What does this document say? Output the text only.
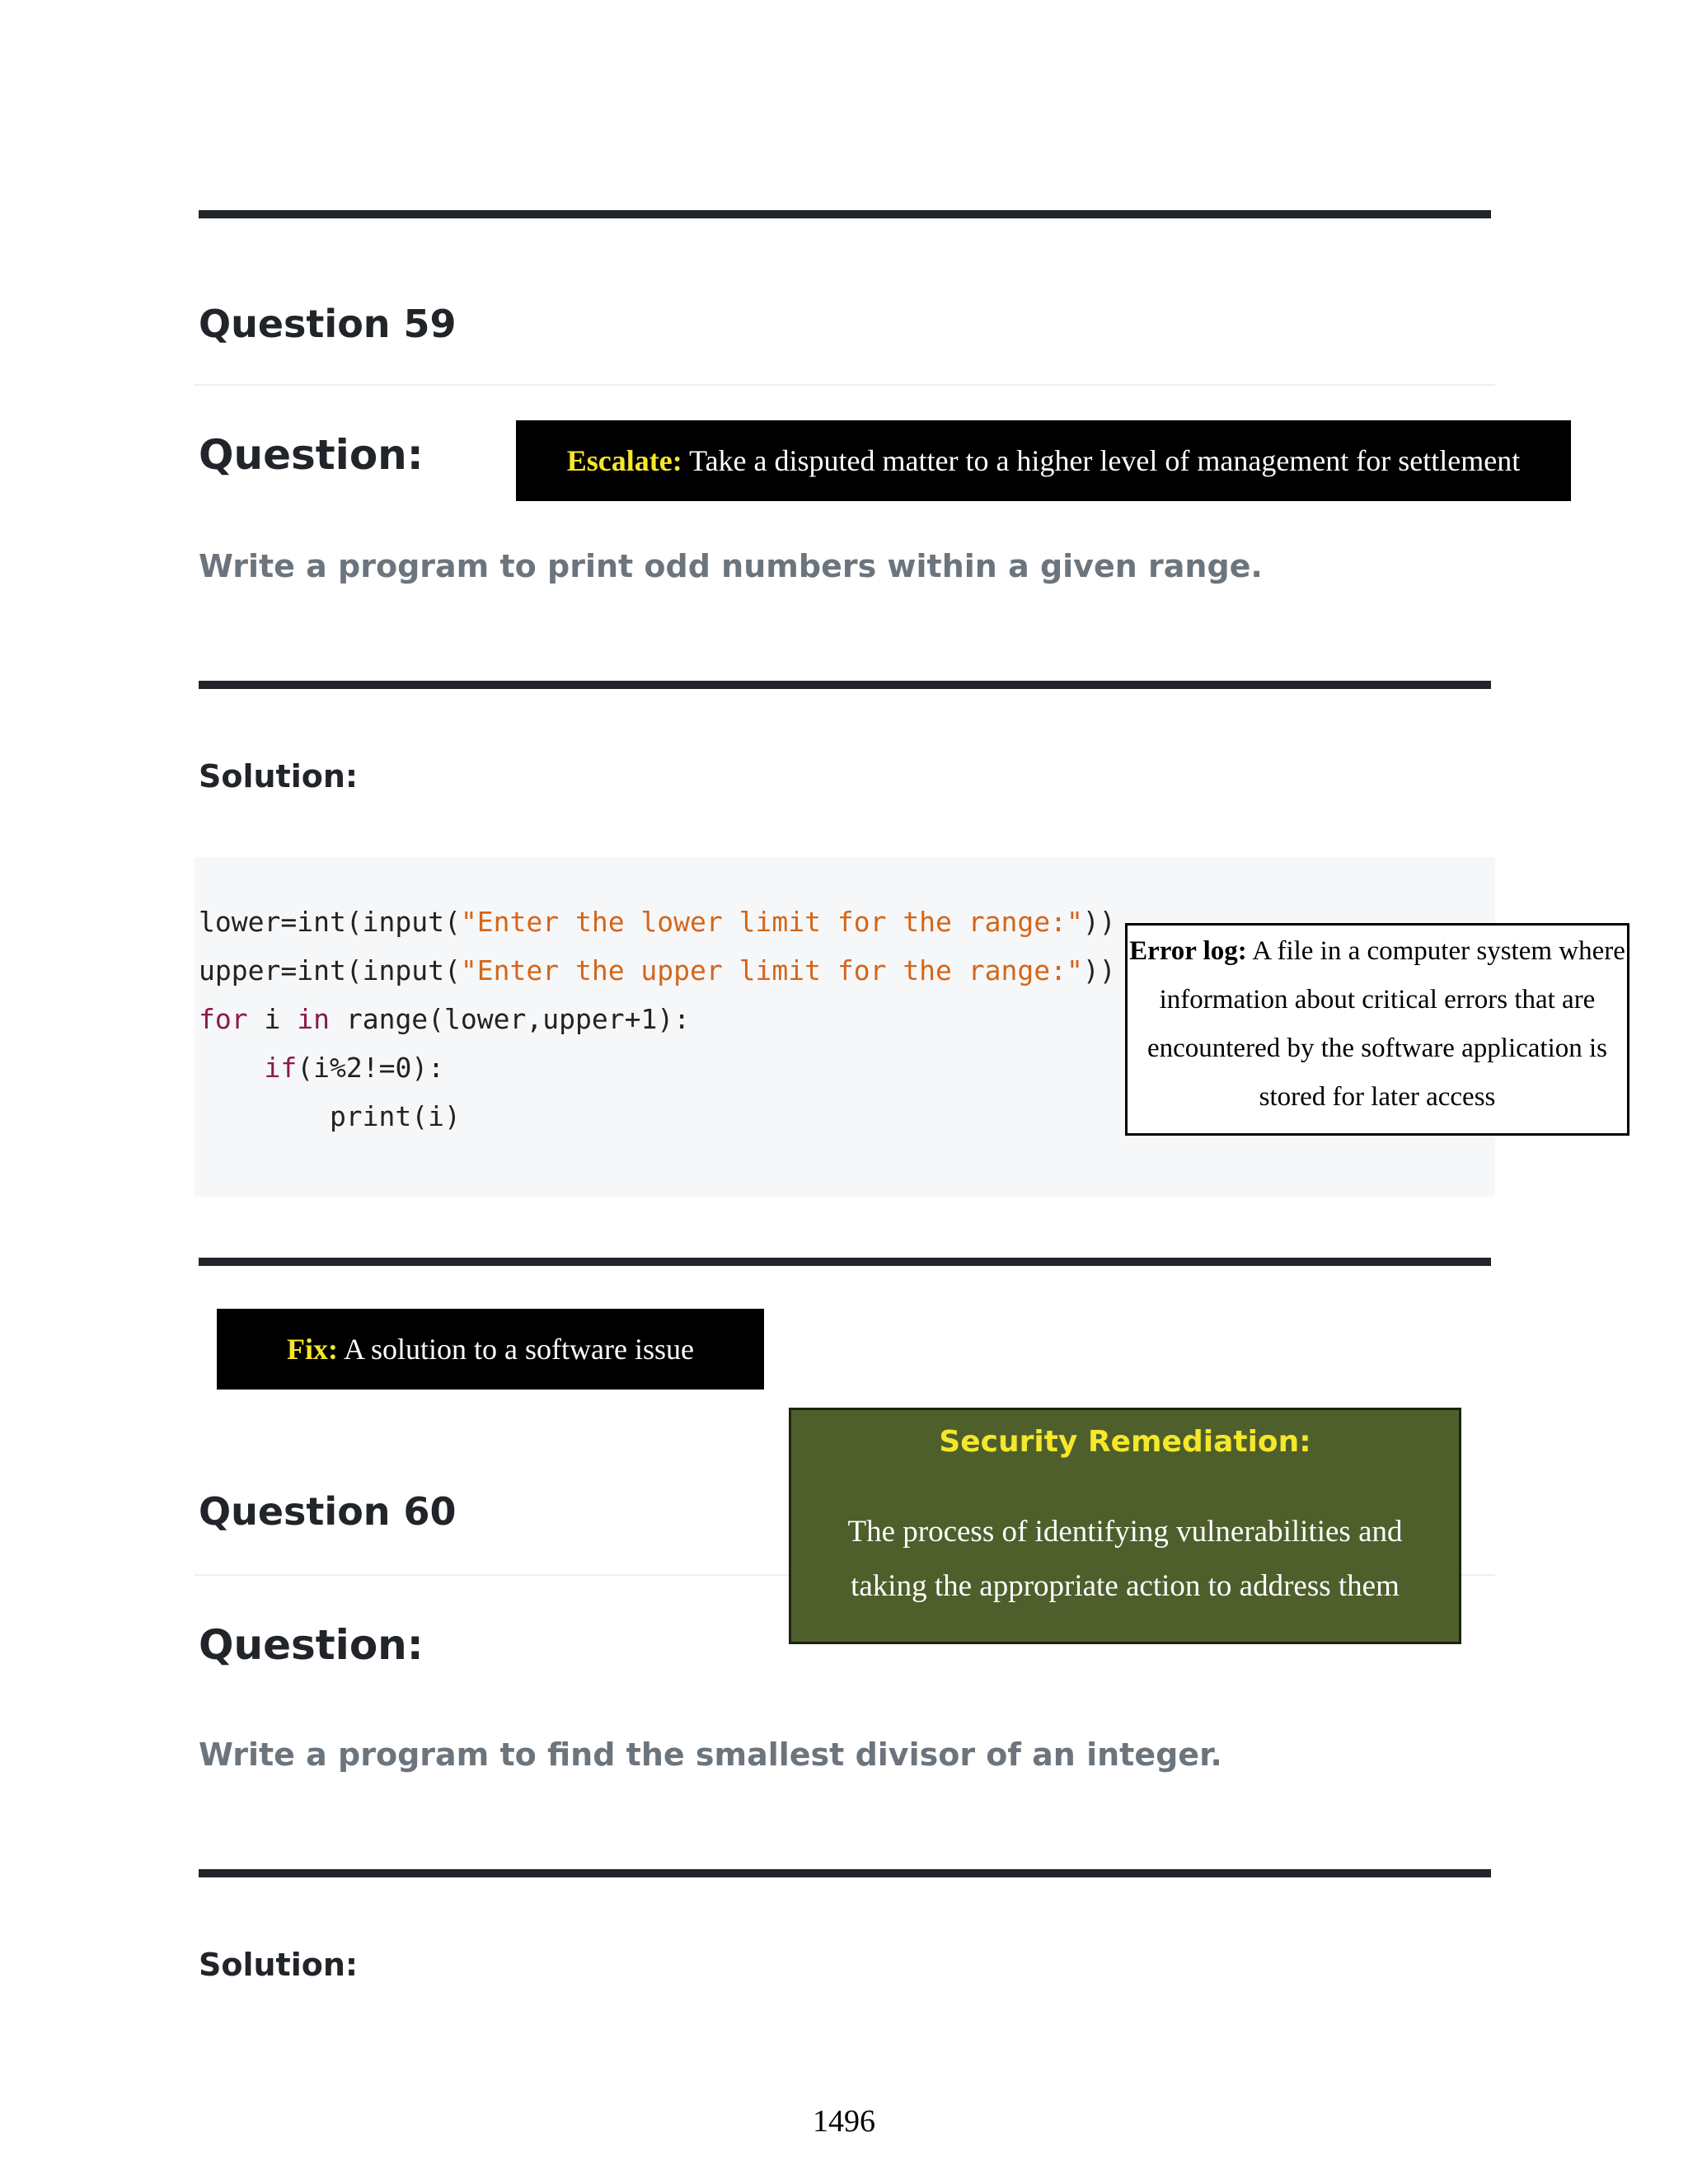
Question 59
Question:

Write a program to print odd numbers within a given range.

Escalate: Take a disputed matter to a higher level of management for settlement
Solution:
lower=int(input("Enter the lower limit for the range:"))
upper=int(input("Enter the upper limit for the range:"))
for i in range(lower,upper+1):
if(i%2!=0):
print(i)
Error log: A file in a computer system where information about critical errors that are encountered by the software application is stored for later access
Fix: A solution to a software issue
Question 60
Question:

Write a program to find the smallest divisor of an integer.

Security Remediation:
The process of identifying vulnerabilities and taking the appropriate action to address them
Solution:
1496
